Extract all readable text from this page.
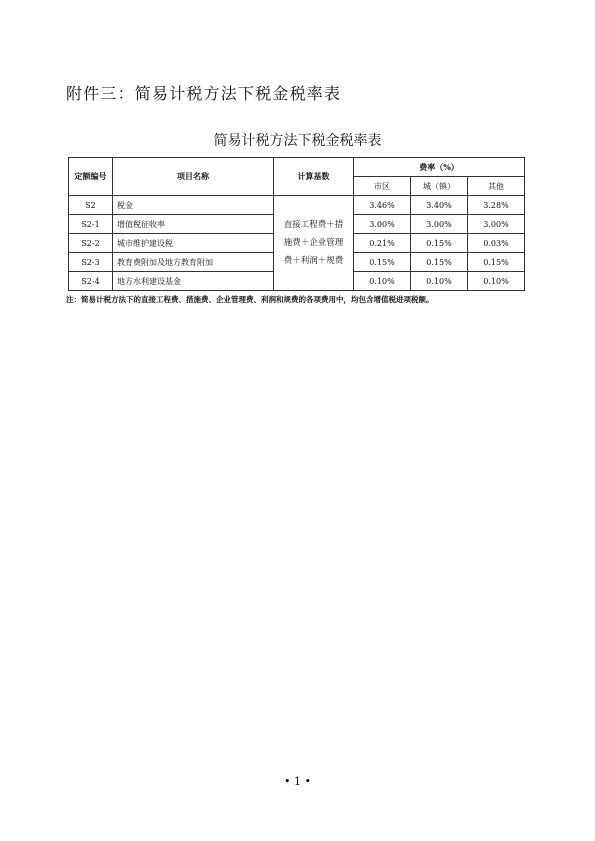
附件三：简易计税方法下税金税率表
简易计税方法下税金税率表
定额编号	项目名称	计算基数	费率（%）		
			市区	城（镇）	其他
S2	税金	直接工程费＋措
施费＋企业管理
费＋利润＋规费	3.46%	3.40%	3.28%
S2-1	增值税征收率		3.00%	3.00%	3.00%
S2-2	城市维护建设税		0.21%	0.15%	0.03%
S2-3	教育费附加及地方教育附加		0.15%	0.15%	0.15%
S2-4	地方水利建设基金		0.10%	0.10%	0.10%
注：简易计税方法下的直接工程费、措施费、企业管理费、利润和规费的各项费用中，均包含增值税进项税额。
• 1 •
